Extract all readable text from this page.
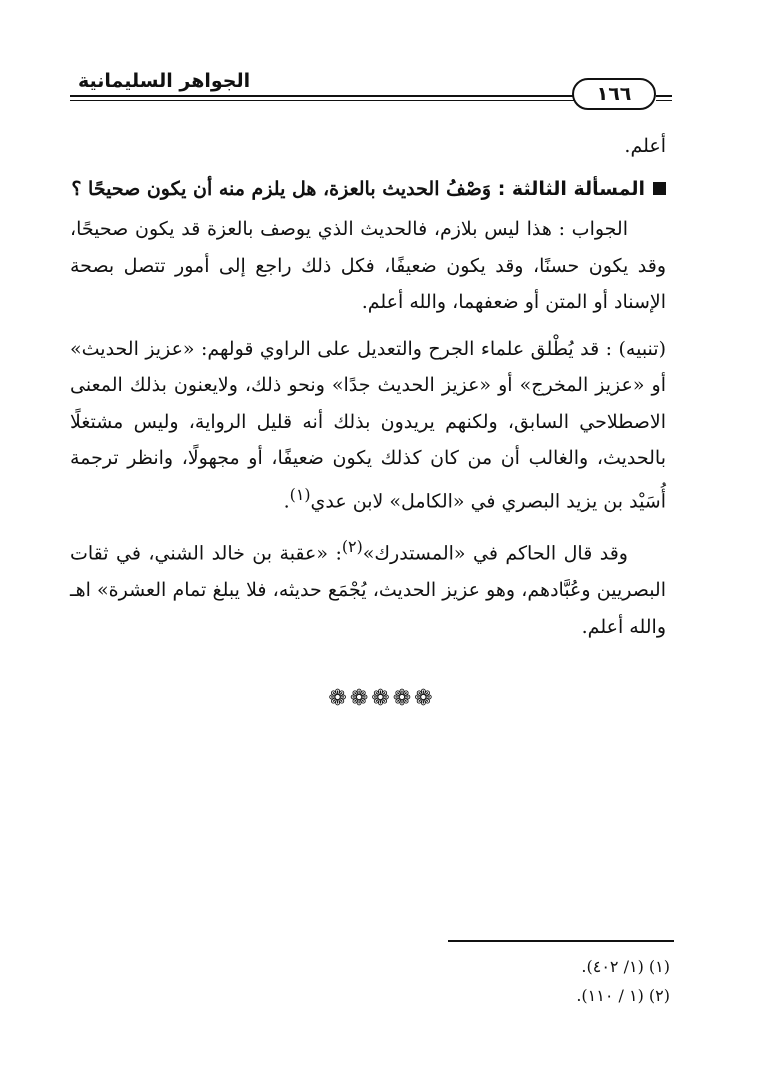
١٦٦
الجواهر السليمانية

أعلم.

المسألة الثالثة : وَصْفُ الحديث بالعزة، هل يلزم منه أن يكون صحيحًا ؟

الجواب : هذا ليس بلازم، فالحديث الذي يوصف بالعزة قد يكون صحيحًا، وقد يكون حسنًا، وقد يكون ضعيفًا، فكل ذلك راجع إلى أمور تتصل بصحة الإسناد أو المتن أو ضعفهما، والله أعلم.

(تنبيه) : قد يُطْلق علماء الجرح والتعديل على الراوي قولهم: «عزيز الحديث» أو «عزيز المخرج» أو «عزيز الحديث جدًا» ونحو ذلك، ولايعنون بذلك المعنى الاصطلاحي السابق، ولكنهم يريدون بذلك أنه قليل الرواية، وليس مشتغلًا بالحديث، والغالب أن من كان كذلك يكون ضعيفًا، أو مجهولًا، وانظر ترجمة أُسَيْد بن يزيد البصري في «الكامل» لابن عدي$^{(١)}$.

وقد قال الحاكم في «المستدرك»$^{(٢)}$: «عقبة بن خالد الشني، في ثقات البصريين وعُبَّادهم، وهو عزيز الحديث، يُجْمَع حديثه، فلا يبلغ تمام العشرة» اهـ والله أعلم.

❁❁❁❁❁

(١) (١/ ٤٠٢).

(٢) (١ / ١١٠).
